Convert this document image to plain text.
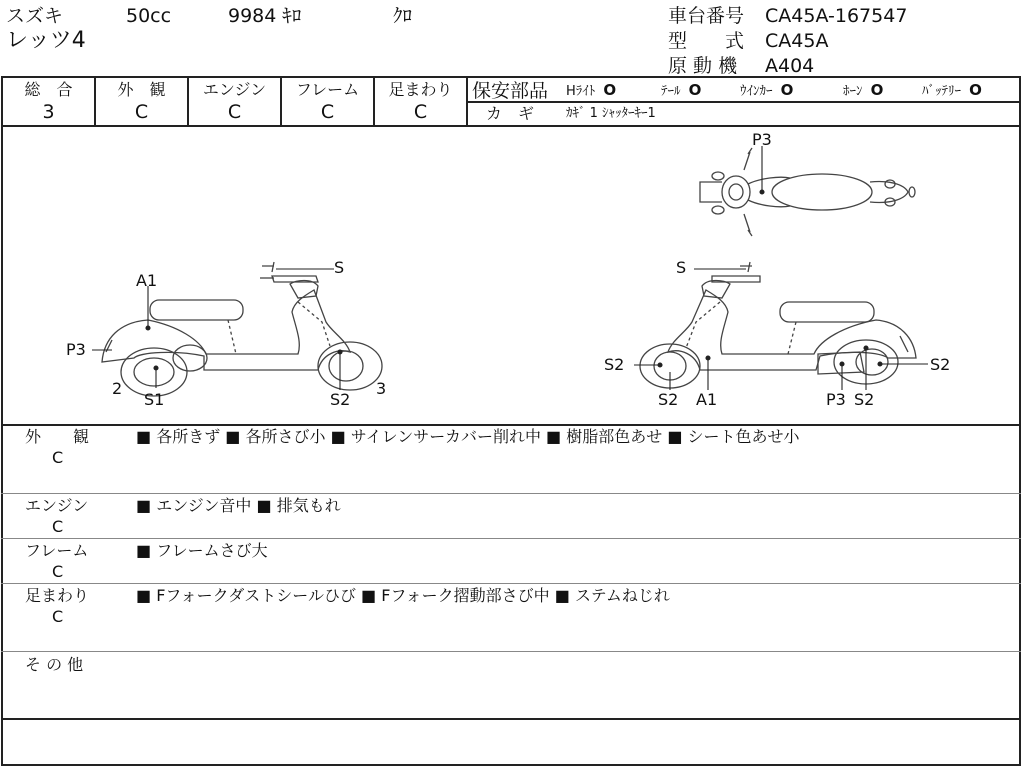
スズキ	50cc	9984 ｷﾛ	ｸﾛ
レッツ4
車台番号 CA45A-167547
型　　式 CA45A
原 動 機 A404
総　合	外　観	エンジン	フレーム	足まわり
3	C	C	C	C
保安部品 Hﾗｲﾄ O	ﾃｰﾙ O	ｳｲﾝｶｰ O	ﾎｰﾝ O	ﾊﾞｯﾃﾘｰ O
カ　ギ ｶｷﾞ 1 ｼｬｯﾀｰｷｰ1
A1
S
P3
2
S1	S2
3
S
S2
S2 A1	P3 S2
S2
P3
外　　観
C
■ 各所きず ■ 各所さび小 ■ サイレンサーカバー削れ中 ■ 樹脂部色あせ ■ シート色あせ小
エンジン
C
■ エンジン音中 ■ 排気もれ
フレーム
C
■ フレームさび大
足まわり
C
■ Fフォークダストシールひび ■ Fフォーク摺動部さび中 ■ ステムねじれ
そ の 他
